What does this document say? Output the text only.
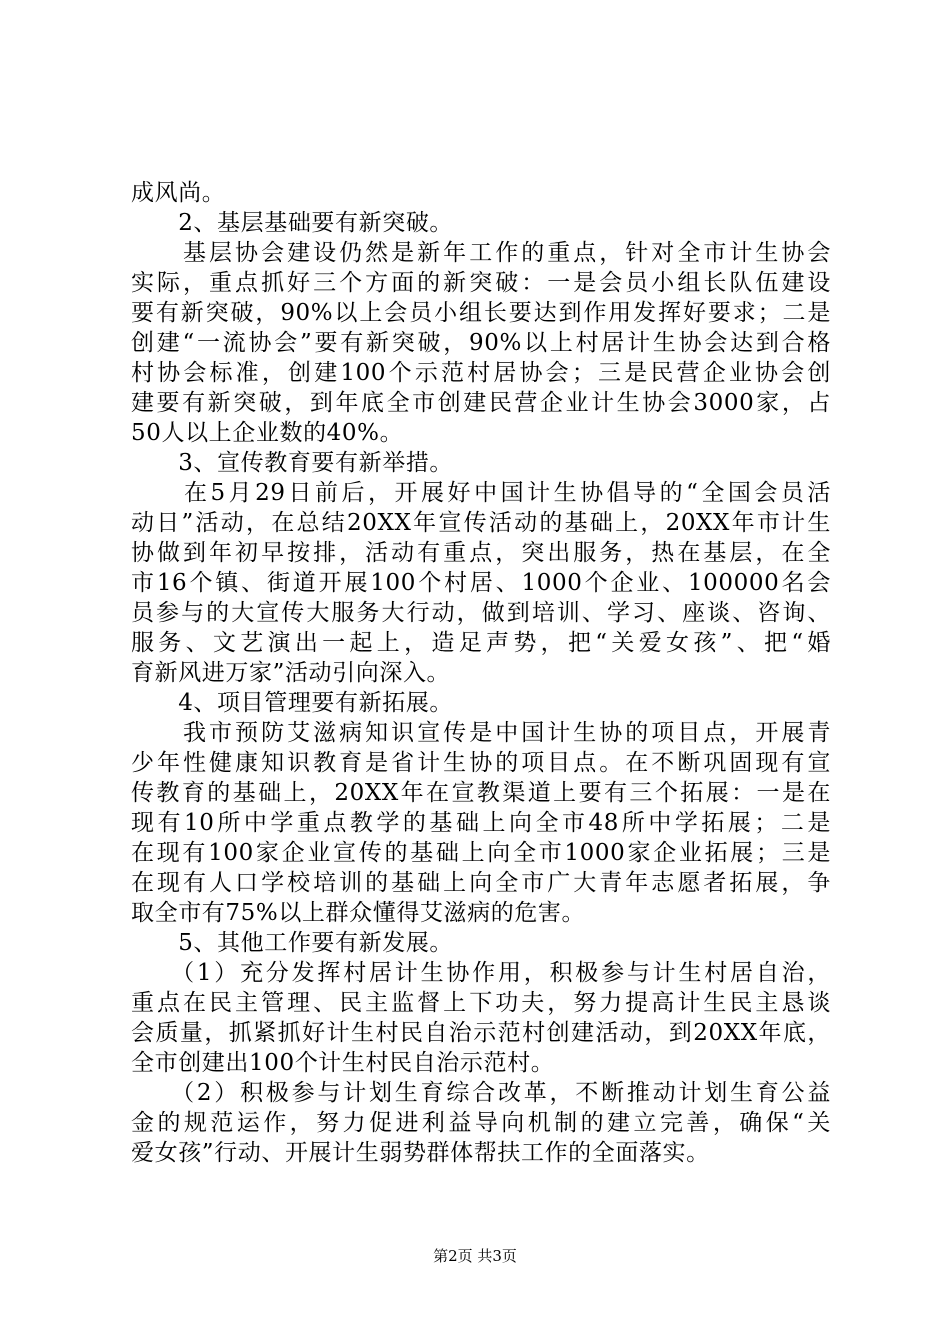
成风尚。
　　2、基层基础要有新突破。
　　基层协会建设仍然是新年工作的重点，针对全市计生协会
实际，重点抓好三个方面的新突破：一是会员小组长队伍建设
要有新突破，90%以上会员小组长要达到作用发挥好要求；二是
创建“一流协会”要有新突破，90%以上村居计生协会达到合格
村协会标准，创建100个示范村居协会；三是民营企业协会创
建要有新突破，到年底全市创建民营企业计生协会3000家，占
50人以上企业数的40%。
　　3、宣传教育要有新举措。
　　在5月29日前后，开展好中国计生协倡导的“全国会员活
动日”活动，在总结20XX年宣传活动的基础上，20XX年市计生
协做到年初早按排，活动有重点，突出服务，热在基层，在全
市16个镇、街道开展100个村居、1000个企业、100000名会
员参与的大宣传大服务大行动，做到培训、学习、座谈、咨询、
服务、文艺演出一起上，造足声势，把“关爱女孩”、把“婚
育新风进万家”活动引向深入。
　　4、项目管理要有新拓展。
　　我市预防艾滋病知识宣传是中国计生协的项目点，开展青
少年性健康知识教育是省计生协的项目点。在不断巩固现有宣
传教育的基础上，20XX年在宣教渠道上要有三个拓展：一是在
现有10所中学重点教学的基础上向全市48所中学拓展；二是
在现有100家企业宣传的基础上向全市1000家企业拓展；三是
在现有人口学校培训的基础上向全市广大青年志愿者拓展，争
取全市有75%以上群众懂得艾滋病的危害。
　　5、其他工作要有新发展。
　　（1）充分发挥村居计生协作用，积极参与计生村居自治，
重点在民主管理、民主监督上下功夫，努力提高计生民主恳谈
会质量，抓紧抓好计生村民自治示范村创建活动，到20XX年底，
全市创建出100个计生村民自治示范村。
　　（2）积极参与计划生育综合改革，不断推动计划生育公益
金的规范运作，努力促进利益导向机制的建立完善，确保“关
爱女孩”行动、开展计生弱势群体帮扶工作的全面落实。
第2页 共3页
